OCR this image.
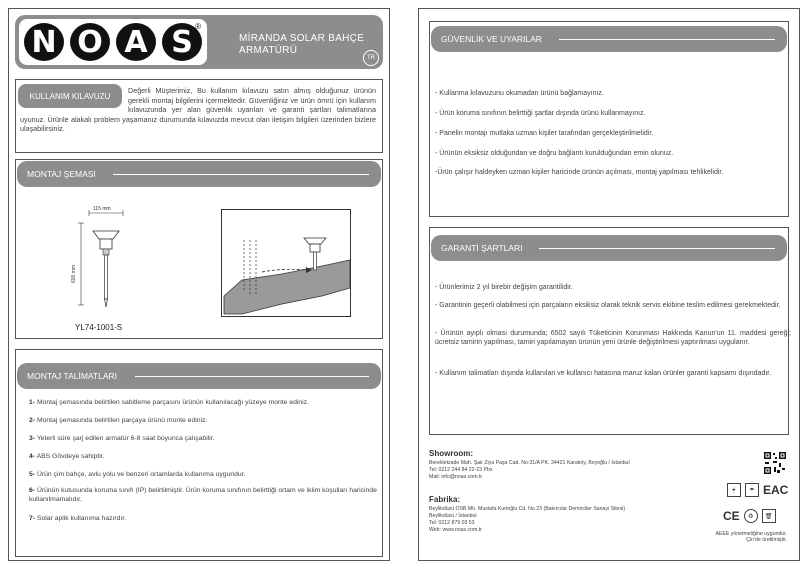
N O A S ®
MİRANDA SOLAR BAHÇE
ARMATÜRÜ
TR
Değerli Müşterimiz, Bu kullanım kılavuzu satın almış olduğunuz ürünün gerekli montaj bilgilerini içermektedir. Güvenliğiniz ve ürün ömrü için kullanım kılavuzunda yer alan güvenlik uyarıları ve garanti şartları talimatlarına uyunuz. Ürünle alakalı problem yaşamanız durumunda kılavuzda mevcut olan iletişim bilgileri üzerinden bizlere ulaşabilirsiniz.
KULLANIM KILAVUZU
MONTAJ ŞEMASI
115 mm
600 mm
YL74-1001-S
MONTAJ TALİMATLARI
1- Montaj şemasında belirtilen sabitleme parçasını ürünün kullanılacağı yüzeye monte ediniz.
2- Montaj şemasında belirtilen parçaya ürünü monte ediniz.
3- Yeterli süre şarj edilen armatür 6-8 saat boyunca çalışabilir.
4- ABS Gövdeye sahiptir.
5- Ürün çim bahçe, avlu yolu ve benzeri ortamlarda kullanıma uygundur.
6- Ürünün kutusunda koruma sınıfı (IP) belirtilmiştir. Ürün koruma sınıfının belirttiği ortam ve iklim koşulları haricinde kullanılmamalıdır.
7- Solar aplik kullanıma hazırdır.
GÜVENLİK VE UYARILAR
- Kullanma kılavuzunu okumadan ürünü bağlamayınız.
- Ürün koruma sınıfının belirttiği şartlar dışında ürünü kullanmayınız.
- Panelin montajı mutlaka uzman kişiler tarafından gerçekleştirilmelidir.
- Ürünün eksiksiz olduğundan ve doğru bağlantı kurulduğundan emin olunuz.
-Ürün çalışır haldeyken uzman kişiler haricinde ürünün açılması, montaj yapılması tehlikelidir.
GARANTİ ŞARTLARI
- Ürünlerimiz 2 yıl birebir değişim garantilidir.
- Garantinin geçerli olabilmesi için parçaların eksiksiz olarak teknik servis ekibine teslim edilmesi gerekmektedir.
- Ürünün ayıplı olması durumunda; 6502 sayılı Tüketicinin Korunması Hakkında Kanun'un 11. maddesi gereği; ücretsiz tamirin yapılması, tamiri yapılamayan ürünün yeni ürünle değiştirilmesi yaptırılması uygulanır.
- Kullanım talimatları dışında kullanılan ve kullanıcı hatasına maruz kalan ürünler garanti kapsamı dışındadır.
Showroom:
Berekletzade Mah. Şair Ziya Paşa Cad. No:31/A PK. 34421 Karaköy, Beyoğlu / İstanbul
Tel: 0212 244 84 22-23 Pbx
Mail: info@noas.com.tr
Fabrika:
Beylikdüzü OSB Mh. Mustafa Kurtoğlu Cd. No.23 (Bakırcılar Demirciler Sanayi Sitesi)
Beylikdüzü / İstanbul
Tel: 0212 879 03 53
Web: www.noas.com.tr
🍷	☂ EAC
CE	♻	🗑
AEEE yönetmeliğine uygundur.
Çin'de üretilmiştir.
